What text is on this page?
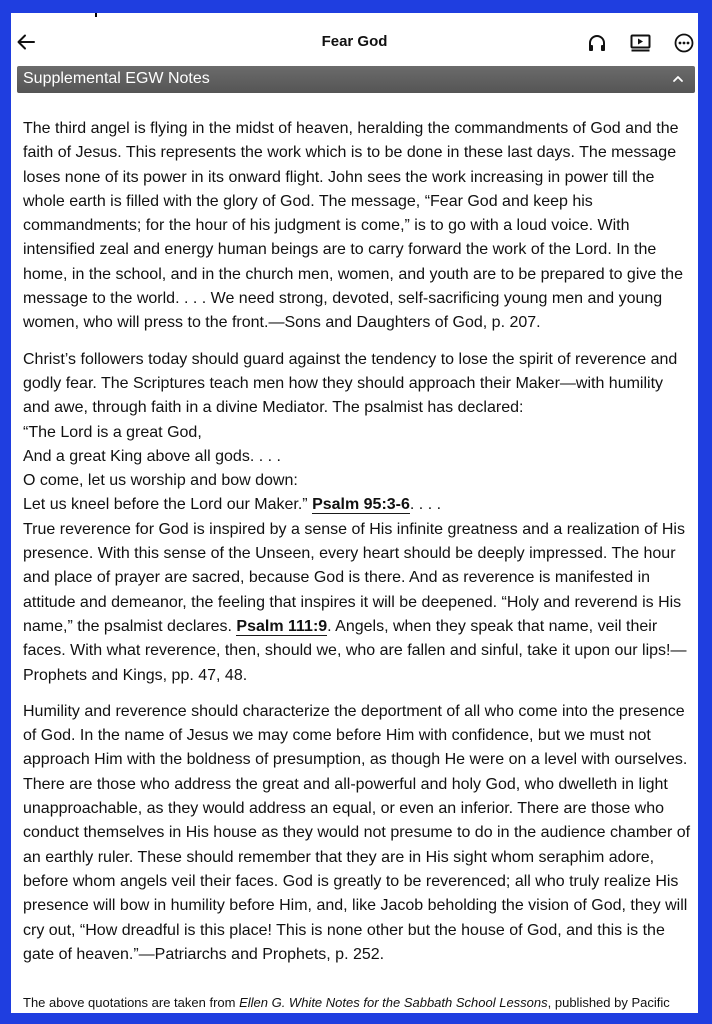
Fear God
Supplemental EGW Notes

The third angel is flying in the midst of heaven, heralding the commandments of God and the faith of Jesus. This represents the work which is to be done in these last days. The message loses none of its power in its onward flight. John sees the work increasing in power till the whole earth is filled with the glory of God. The message, “Fear God and keep his commandments; for the hour of his judgment is come,” is to go with a loud voice. With intensified zeal and energy human beings are to carry forward the work of the Lord. In the home, in the school, and in the church men, women, and youth are to be prepared to give the message to the world. . . . We need strong, devoted, self-sacrificing young men and young women, who will press to the front.—Sons and Daughters of God, p. 207.

Christ’s followers today should guard against the tendency to lose the spirit of reverence and godly fear. The Scriptures teach men how they should approach their Maker—with humility and awe, through faith in a divine Mediator. The psalmist has declared:
“The Lord is a great God,
And a great King above all gods. . . .
O come, let us worship and bow down:
Let us kneel before the Lord our Maker.” Psalm 95:3-6. . . .
True reverence for God is inspired by a sense of His infinite greatness and a realization of His presence. With this sense of the Unseen, every heart should be deeply impressed. The hour and place of prayer are sacred, because God is there. And as reverence is manifested in attitude and demeanor, the feeling that inspires it will be deepened. “Holy and reverend is His name,” the psalmist declares. Psalm 111:9. Angels, when they speak that name, veil their faces. With what reverence, then, should we, who are fallen and sinful, take it upon our lips!—Prophets and Kings, pp. 47, 48.

Humility and reverence should characterize the deportment of all who come into the presence of God. In the name of Jesus we may come before Him with confidence, but we must not approach Him with the boldness of presumption, as though He were on a level with ourselves. There are those who address the great and all-powerful and holy God, who dwelleth in light unapproachable, as they would address an equal, or even an inferior. There are those who conduct themselves in His house as they would not presume to do in the audience chamber of an earthly ruler. These should remember that they are in His sight whom seraphim adore, before whom angels veil their faces. God is greatly to be reverenced; all who truly realize His presence will bow in humility before Him, and, like Jacob beholding the vision of God, they will cry out, “How dreadful is this place! This is none other but the house of God, and this is the gate of heaven.”—Patriarchs and Prophets, p. 252.

The above quotations are taken from Ellen G. White Notes for the Sabbath School Lessons, published by Pacific
